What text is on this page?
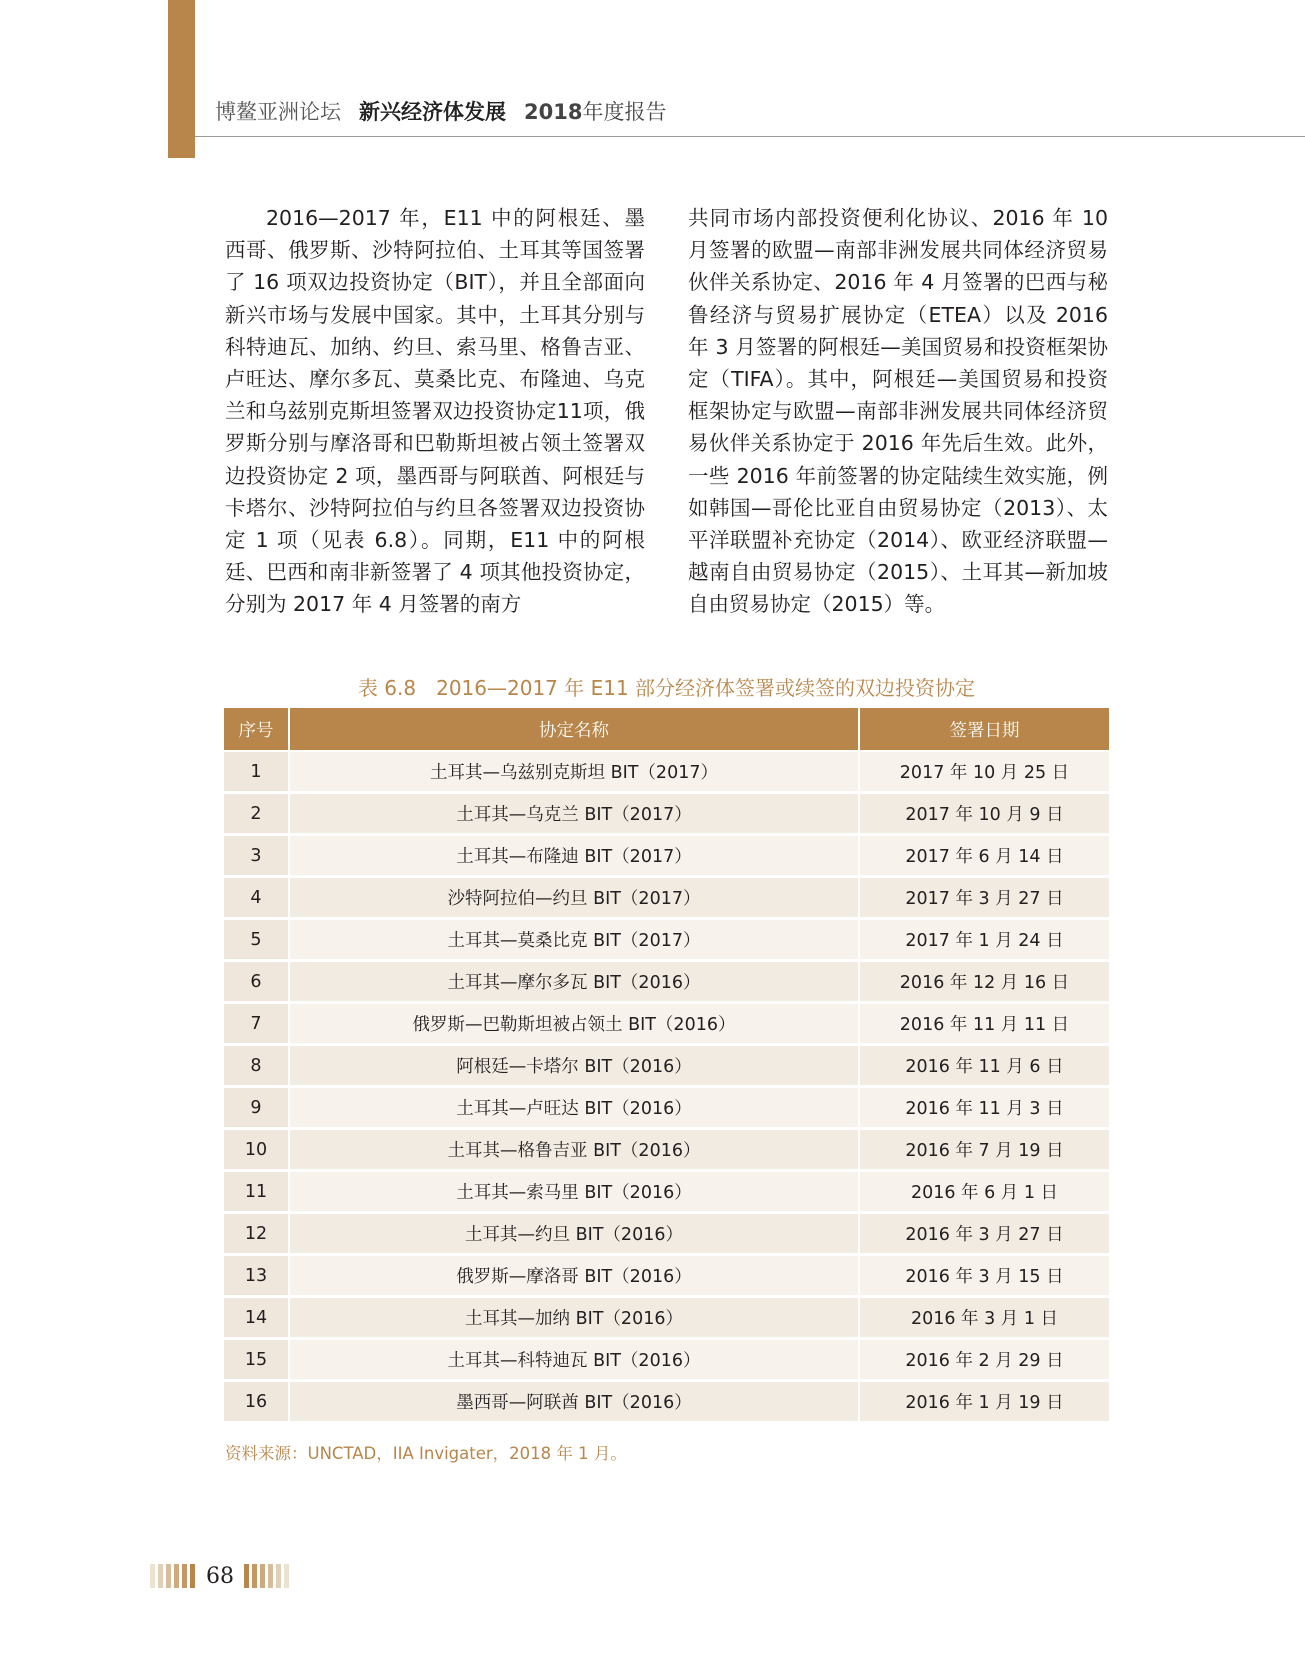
博鳌亚洲论坛 新兴经济体发展 2018年度报告

2016—2017 年，E11 中的阿根廷、墨西哥、俄罗斯、沙特阿拉伯、土耳其等国签署了 16 项双边投资协定（BIT），并且全部面向新兴市场与发展中国家。其中，土耳其分别与科特迪瓦、加纳、约旦、索马里、格鲁吉亚、卢旺达、摩尔多瓦、莫桑比克、布隆迪、乌克兰和乌兹别克斯坦签署双边投资协定11项，俄罗斯分别与摩洛哥和巴勒斯坦被占领土签署双边投资协定 2 项，墨西哥与阿联酋、阿根廷与卡塔尔、沙特阿拉伯与约旦各签署双边投资协定 1 项（见表 6.8）。同期，E11 中的阿根廷、巴西和南非新签署了 4 项其他投资协定，分别为 2017 年 4 月签署的南方

共同市场内部投资便利化协议、2016 年 10 月签署的欧盟—南部非洲发展共同体经济贸易伙伴关系协定、2016 年 4 月签署的巴西与秘鲁经济与贸易扩展协定（ETEA）以及 2016 年 3 月签署的阿根廷—美国贸易和投资框架协定（TIFA）。其中，阿根廷—美国贸易和投资框架协定与欧盟—南部非洲发展共同体经济贸易伙伴关系协定于 2016 年先后生效。此外，一些 2016 年前签署的协定陆续生效实施，例如韩国—哥伦比亚自由贸易协定（2013）、太平洋联盟补充协定（2014）、欧亚经济联盟—越南自由贸易协定（2015）、土耳其—新加坡自由贸易协定（2015）等。

表 6.8　2016—2017 年 E11 部分经济体签署或续签的双边投资协定
序号	协定名称	签署日期
1	土耳其—乌兹别克斯坦 BIT（2017）	2017 年 10 月 25 日
2	土耳其—乌克兰 BIT（2017）	2017 年 10 月 9 日
3	土耳其—布隆迪 BIT（2017）	2017 年 6 月 14 日
4	沙特阿拉伯—约旦 BIT（2017）	2017 年 3 月 27 日
5	土耳其—莫桑比克 BIT（2017）	2017 年 1 月 24 日
6	土耳其—摩尔多瓦 BIT（2016）	2016 年 12 月 16 日
7	俄罗斯—巴勒斯坦被占领土 BIT（2016）	2016 年 11 月 11 日
8	阿根廷—卡塔尔 BIT（2016）	2016 年 11 月 6 日
9	土耳其—卢旺达 BIT（2016）	2016 年 11 月 3 日
10	土耳其—格鲁吉亚 BIT（2016）	2016 年 7 月 19 日
11	土耳其—索马里 BIT（2016）	2016 年 6 月 1 日
12	土耳其—约旦 BIT（2016）	2016 年 3 月 27 日
13	俄罗斯—摩洛哥 BIT（2016）	2016 年 3 月 15 日
14	土耳其—加纳 BIT（2016）	2016 年 3 月 1 日
15	土耳其—科特迪瓦 BIT（2016）	2016 年 2 月 29 日
16	墨西哥—阿联酋 BIT（2016）	2016 年 1 月 19 日
资料来源：UNCTAD，IIA Invigater，2018 年 1 月。
68
